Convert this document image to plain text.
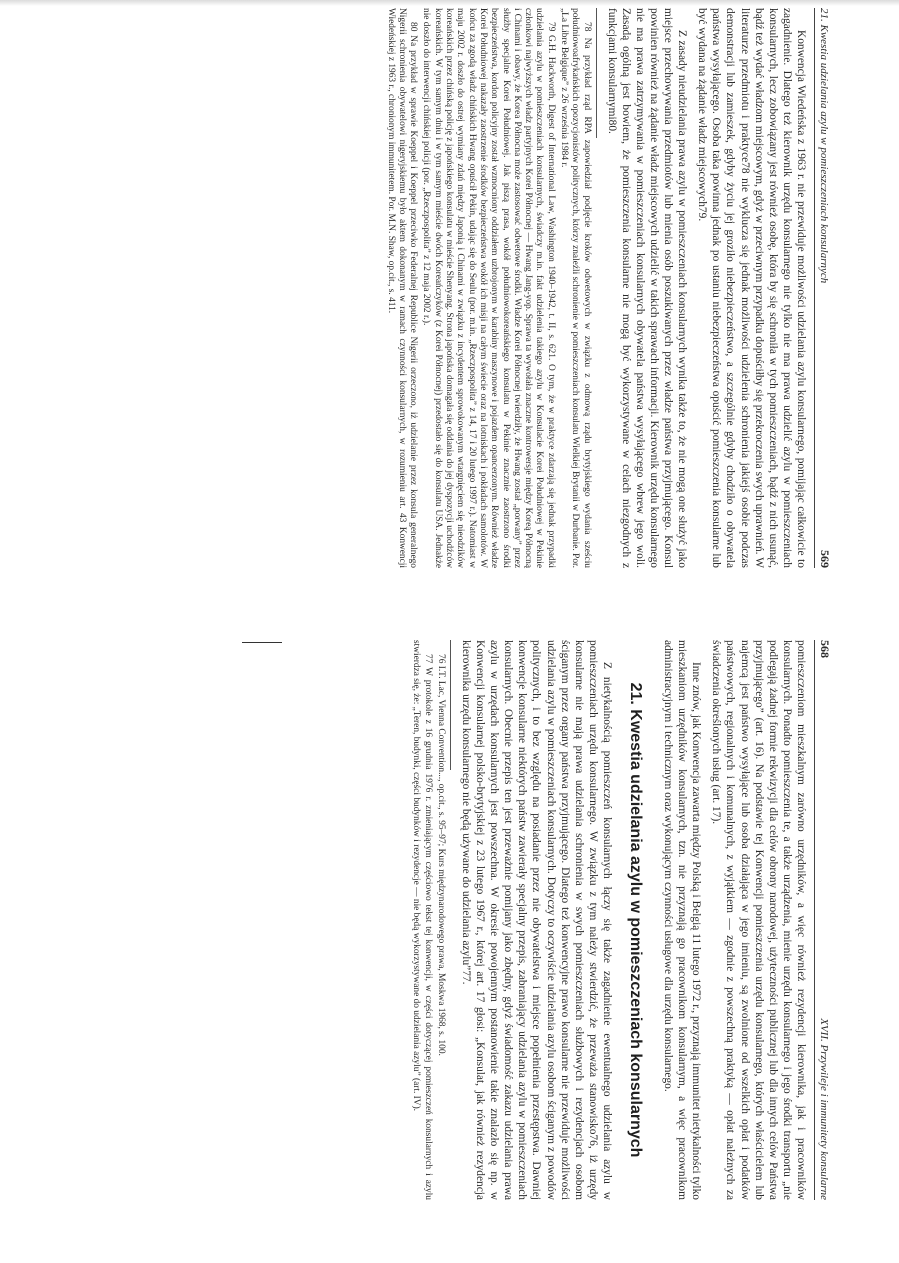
21. Kwestia udzielania azylu w pomieszczeniach konsularnych
569

Konwencja Wiedeńska z 1963 r. nie przewiduje możliwości udzielania azylu konsularnego, pomijając całkowicie to zagadnienie. Dlatego też kierownik urzędu konsularnego nie tylko nie ma prawa udzielić azylu w pomieszczeniach konsularnych, lecz zobowiązany jest również osobę, która by się schroniła w tych pomieszczeniach, bądź z nich usunąć, bądź też wydać władzom miejscowym, gdyż w przeciwnym przypadku dopuściłby się przekroczenia swych uprawnień. W literaturze przedmiotu i praktyce78 nie wyklucza się jednak możliwości udzielenia schronienia jakiejś osobie podczas demonstracji lub zamieszek, gdyby życiu jej groziło niebezpieczeństwo, a szczególnie gdyby chodziło o obywatela państwa wysyłającego. Osoba taka powinna jednak po ustaniu niebezpieczeństwa opuścić pomieszczenia konsularne lub być wydana na żądanie władz miejscowych79.

Z zasady nieudzielania prawa azylu w pomieszczeniach konsularnych wynika także to, że nie mogą one służyć jako miejsce przechowywania przedmiotów lub mienia osób poszukiwanych przez władze państwa przyjmującego. Konsul powinien również na żądanie władz miejscowych udzielić w takich sprawach informacji. Kierownik urzędu konsularnego nie ma prawa zatrzymywania w pomieszczeniach konsularnych obywatela państwa wysyłającego wbrew jego woli. Zasadą ogólną jest bowiem, że pomieszczenia konsularne nie mogą być wykorzystywane w celach niezgodnych z funkcjami konsularnymi80.

78 Na przykład rząd RPA zapowiedział podjęcie kroków odwetowych w związku z odmową rządu brytyjskiego wydania sześciu południowoafrykańskich opozycjonistów politycznych, którzy znaleźli schronienie w pomieszczeniach konsulatu Wielkiej Brytanii w Durbanie. Por. „La Libre Belgique” z 26 września 1984 r.

79 G.H. Hackworth, Digest of International Law, Washington 1940–1942, t. II, s. 621. O tym, że w praktyce zdarzają się jednak przypadki udzielania azylu w pomieszczeniach konsularnych, świadczy m.in. fakt udzielenia takiego azylu w Konsulacie Korei Południowej w Pekinie członkowi najwyższych władz partyjnych Korei Północnej — Hwang Jang-yop. Sprawa ta wywołała znaczne kontrowersje między Koreą Północną i Chinami i obawy, że Korea Północna może zastosować odwetowe środki. Władze Korei Północnej twierdziły, że Hwang został „porwany” przez służby specjalne Korei Południowej. Jak piszą prasa, wokół południowokoreańskiego konsulatu w Pekinie znacznie zaostrzono środki bezpieczeństwa, kordon policyjny został wzmocniony oddziałem uzbrojonym w karabiny maszynowe i pojazdem opancerzonym. Również władze Korei Południowej nakazały zaostrzenie środków bezpieczeństwa wokół ich misji na całym świecie oraz na lotniskach i pokładach samolotów. W końcu za zgodą władz chińskich Hwang opuścił Pekin, udając się do Seulu (por. m.in. „Rzeczpospolita” z 14, 17 i 20 lutego 1997 r.). Natomiast w maju 2002 r. doszło do ostrej wymiany zdań między Japonią i Chinami w związku z incydentem sprowokowanym wtargnięciem się nieodzików koreańskich przez chińską policję z japońskiego konsulatu w mieście Shenyang. Strona japońska domagała się oddania do jej dyspozycji uchodźców koreańskich. W tym samym dniu i w tym samym mieście dwóch Koreańczyków (z Korei Północnej) przedostało się do konsulatu USA. Jednakże nie doszło do interwencji chińskiej policji (por. „Rzeczpospolita” z 12 maja 2002 r.).

80 Na przykład w sprawie Koeppel i Koeppel przeciwko Federalnej Republice Nigerii orzeczono, iż udzielanie przez konsula generalnego Nigerii schronienia obywatelowi nigeryjskiemu było aktem dokonanym w ramach czynności konsularnych, w rozumieniu art. 43 Konwencji Wiedeńskiej z 1963 r., chronionym immunitetem. Por. M.N. Shaw, op.cit., s. 411.

568
XVII. Przywileje i immunitety konsularne

pomieszczeniom mieszkalnym zarówno urzędników, a więc również rezydencji kierownika, jak i pracowników konsularnych. Ponadto pomieszczenia te, a także urządzenia, mienie urzędu konsularnego i jego środki transportu „nie podlegają żadnej formie rekwizycji dla celów obrony narodowej, użyteczności publicznej lub dla innych celów Państwa przyjmującego” (art. 16). Na podstawie tej Konwencji pomieszczenia urzędu konsularnego, których właścicielem lub najemcą jest państwo wysyłające lub osoba działająca w jego imieniu, są zwolnione od wszelkich opłat i podatków państwowych, regionalnych i komunalnych, z wyjątkiem — zgodnie z powszechną praktyką — opłat należnych za świadczenia określonych usług (art. 17).

Inne znów, jak Konwencja zawarta między Polską i Belgią 11 lutego 1972 r., przyznają immunitet nietykalności tylko mieszkaniom urzędników konsularnych, tzn. nie przyznają go pracownikom konsularnym, a więc pracownikom administracyjnym i technicznym oraz wykonującym czynności usługowe dla urzędu konsularnego.

21. Kwestia udzielania azylu w pomieszczeniach konsularnych

Z nietykalnością pomieszczeń konsularnych łączy się także zagadnienie ewentualnego udzielania azylu w pomieszczeniach urzędu konsularnego. W związku z tym należy stwierdzić, że przeważa stanowisko76, iż urzędy konsularne nie mają prawa udzielania schronienia w swych pomieszczeniach służbowych i rezydencjach osobom ściganym przez organy państwa przyjmującego. Dlatego też konwencyjne prawo konsularne nie przewiduje możliwości udzielania azylu w pomieszczeniach konsularnych. Dotyczy to oczywiście udzielania azylu osobom ściganym z powodów politycznych, i to bez względu na posiadanie przez nie obywatelstwa i miejsce popełnienia przestępstwa. Dawniej konwencje konsularne niektórych państw zawierały specjalny przepis, zabraniający udzielania azylu w pomieszczeniach konsularnych. Obecnie przepis ten jest przeważnie pomijany jako zbędny, gdyż świadomość zakazu udzielania prawa azylu w urzędach konsularnych jest powszechna. W okresie powojennym postanowienie takie znalazło się np. w Konwencji konsularnej polsko-brytyjskiej z 23 lutego 1967 r., której art. 17 głosi: „Konsulat, jak również rezydencja kierownika urzędu konsularnego nie będą używane do udzielania azylu”77.

76 I.T. Lac, Vienna Convention..., op.cit., s. 95–97; Kurs międzynarodowego prawa, Moskwa 1968, s. 100.

77 W protokole z 16 grudnia 1976 r. zmieniającym częściowo tekst tej konwencji, w części dotyczącej pomieszczeń konsularnych i azylu stwierdza się, że: „Teren, budynki, części budynków i rezydencje — nie będą wykorzystywane do udzielania azylu” (art. IV).
